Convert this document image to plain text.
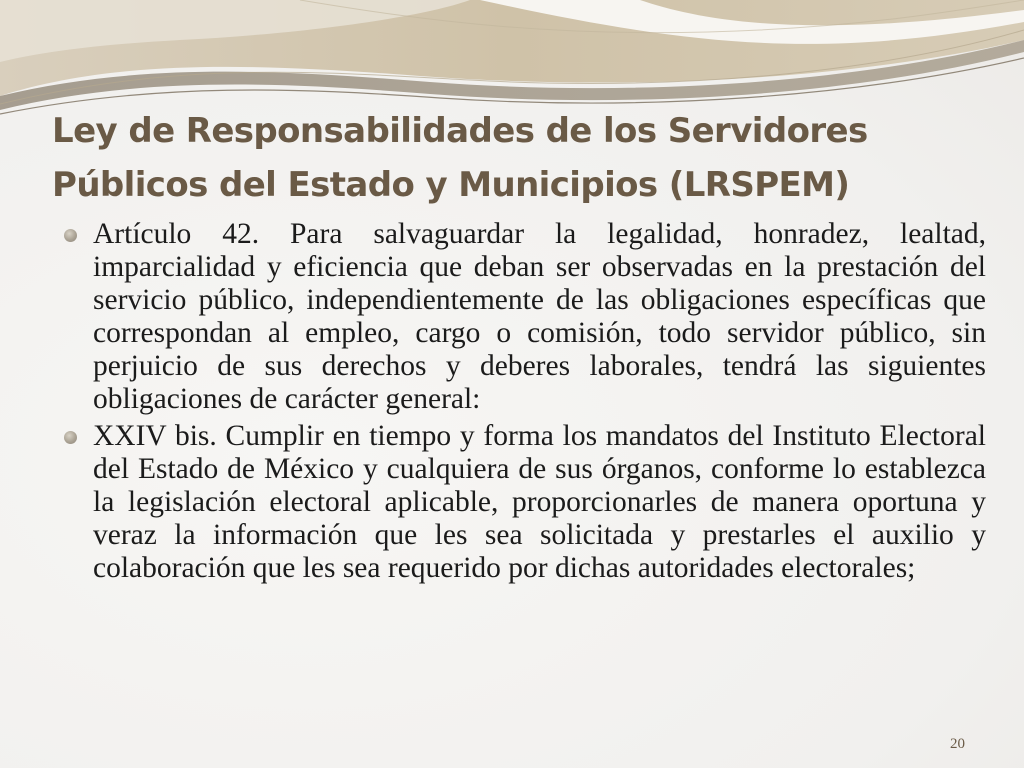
Ley de Responsabilidades de los Servidores
Públicos del Estado y Municipios (LRSPEM)
Artículo 42. Para salvaguardar la legalidad, honradez, lealtad, imparcialidad y eficiencia que deban ser observadas en la prestación del servicio público, independientemente de las obligaciones específicas que correspondan al empleo, cargo o comisión, todo servidor público, sin perjuicio de sus derechos y deberes laborales, tendrá las siguientes obligaciones de carácter general:
XXIV bis. Cumplir en tiempo y forma los mandatos del Instituto Electoral del Estado de México y cualquiera de sus órganos, conforme lo establezca la legislación electoral aplicable, proporcionarles de manera oportuna y veraz la información que les sea solicitada y prestarles el auxilio y colaboración que les sea requerido por dichas autoridades electorales;
20
